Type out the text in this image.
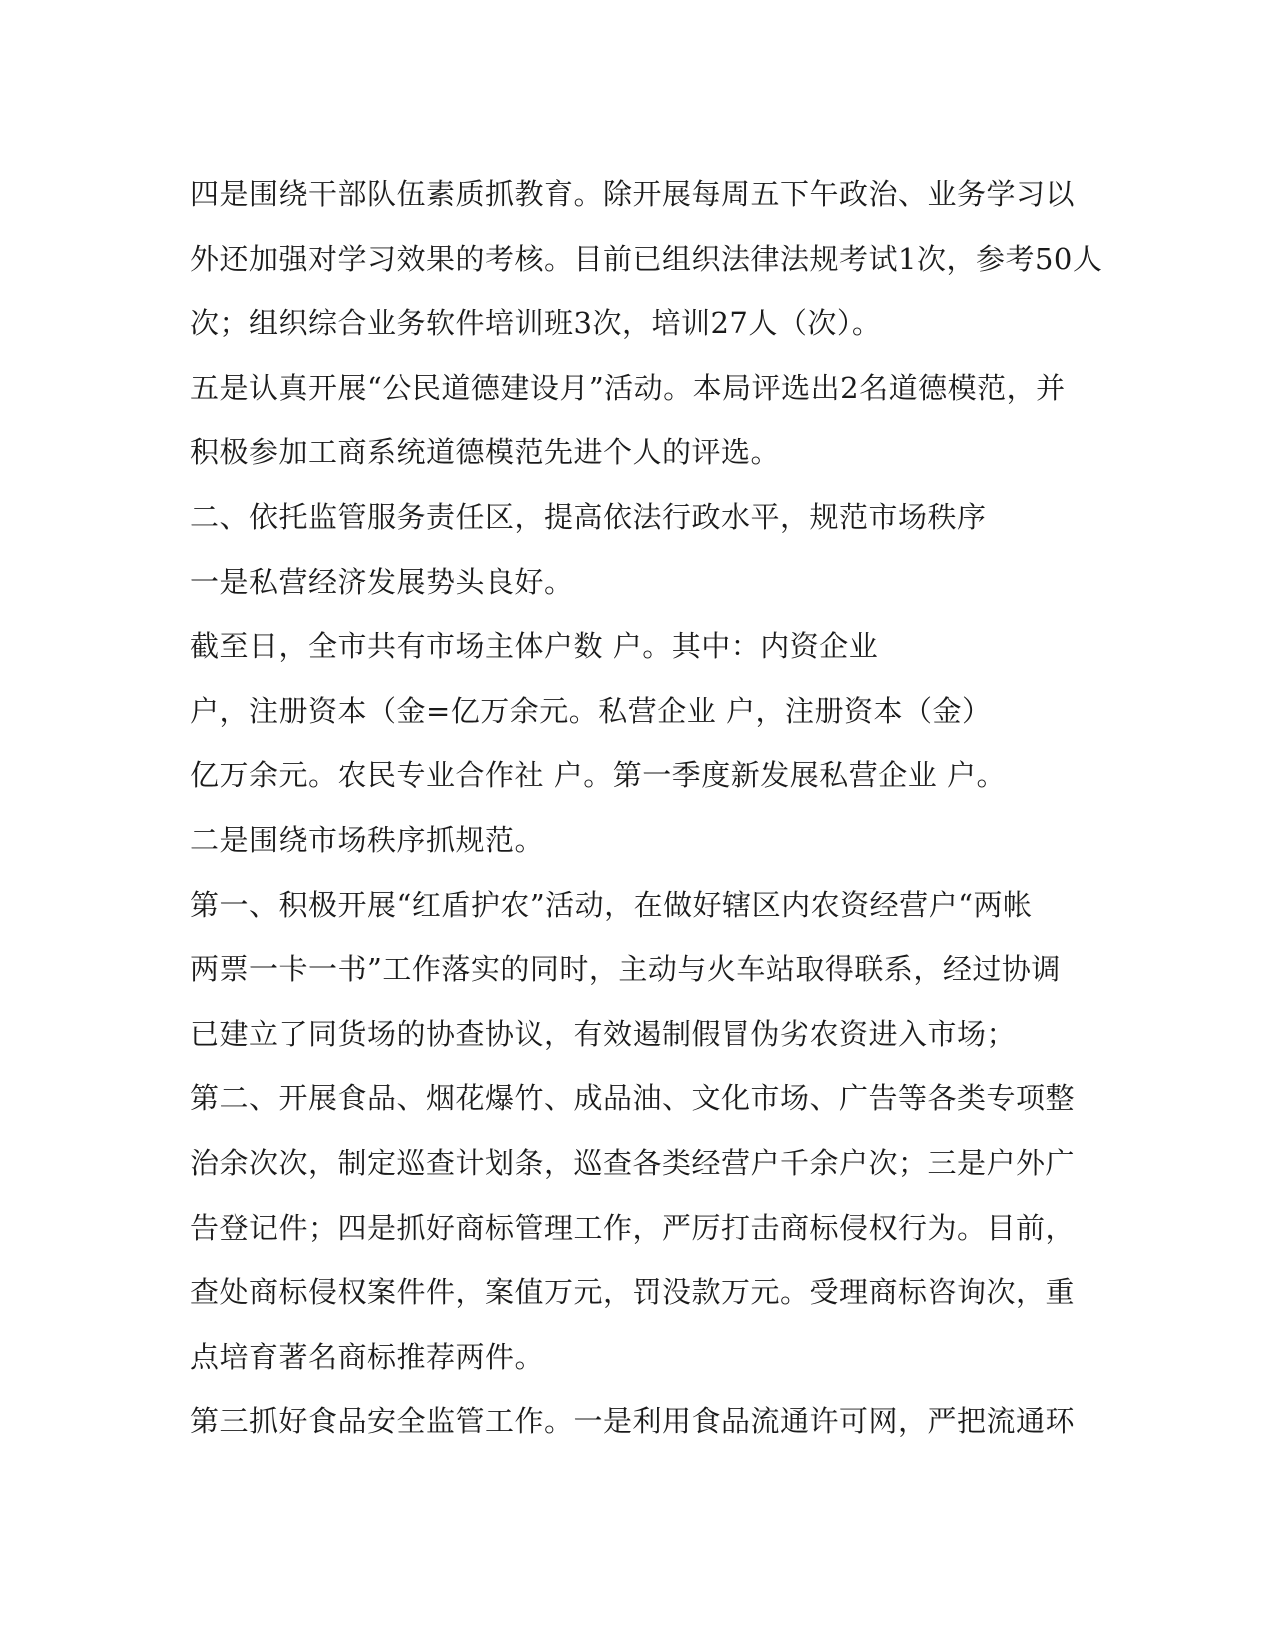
四是围绕干部队伍素质抓教育。除开展每周五下午政治、业务学习以
外还加强对学习效果的考核。目前已组织法律法规考试1次，参考50人
次；组织综合业务软件培训班3次，培训27人（次）。
五是认真开展“公民道德建设月”活动。本局评选出2名道德模范，并
积极参加工商系统道德模范先进个人的评选。
二、依托监管服务责任区，提高依法行政水平，规范市场秩序
一是私营经济发展势头良好。
截至日，全市共有市场主体户数 户。其中：内资企业
户，注册资本（金=亿万余元。私营企业 户，注册资本（金）
亿万余元。农民专业合作社 户。第一季度新发展私营企业 户。
二是围绕市场秩序抓规范。
第一、积极开展“红盾护农”活动，在做好辖区内农资经营户“两帐
两票一卡一书”工作落实的同时，主动与火车站取得联系，经过协调
已建立了同货场的协查协议，有效遏制假冒伪劣农资进入市场；
第二、开展食品、烟花爆竹、成品油、文化市场、广告等各类专项整
治余次次，制定巡查计划条，巡查各类经营户千余户次；三是户外广
告登记件；四是抓好商标管理工作，严厉打击商标侵权行为。目前，
查处商标侵权案件件，案值万元，罚没款万元。受理商标咨询次，重
点培育著名商标推荐两件。
第三抓好食品安全监管工作。一是利用食品流通许可网，严把流通环
